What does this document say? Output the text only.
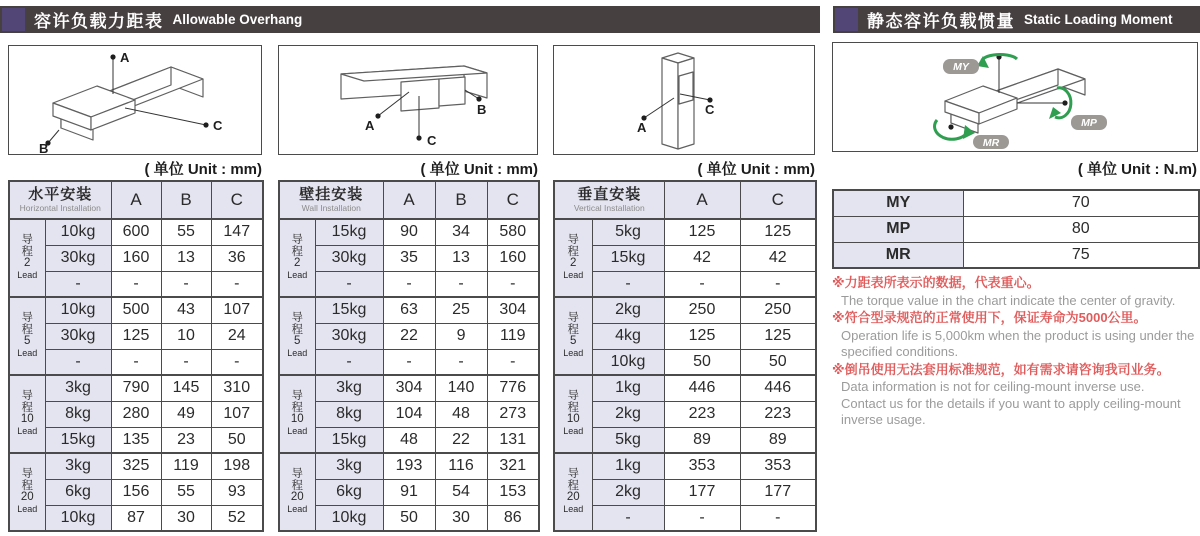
容许负载力距表 Allowable Overhang	静态容许负载惯量 Static Loading Moment
A
B
C	A
B
C
A
C
MY
MP
MR
( 单位 Unit : mm)	( 单位 Unit : mm)	( 单位 Unit : mm)	( 单位 Unit : N.m)
水平安装
Horizontal Installation		A	B	C

导
程
2
Lead	10kg	600	55	147
	30kg	160	13	36
	-	-	-	-

导
程
5
Lead	10kg	500	43	107
	30kg	125	10	24
	-	-	-	-

导
程
10
Lead	3kg	790	145	310
	8kg	280	49	107
	15kg	135	23	50

导
程
20
Lead	3kg	325	119	198
	6kg	156	55	93
	10kg	87	30	52
壁挂安装
Wall Installation		A	B	C

导
程
2
Lead	15kg	90	34	580
	30kg	35	13	160
	-	-	-	-

导
程
5
Lead	15kg	63	25	304
	30kg	22	9	119
	-	-	-	-

导
程
10
Lead	3kg	304	140	776
	8kg	104	48	273
	15kg	48	22	131

导
程
20
Lead	3kg	193	116	321
	6kg	91	54	153
	10kg	50	30	86
垂直安装
Vertical Installation		A	C

导
程
2
Lead	5kg	125	125
	15kg	42	42
	-	-	-

导
程
5
Lead	2kg	250	250
	4kg	125	125
	10kg	50	50

导
程
10
Lead	1kg	446	446
	2kg	223	223
	5kg	89	89

导
程
20
Lead	1kg	353	353
	2kg	177	177
	-	-	-
MY	70
MP	80
MR	75
※力距表所表示的数据，代表重心。
The torque value in the chart indicate the center of gravity.
※符合型录规范的正常使用下，保证寿命为5000公里。
Operation life is 5,000km when the product is using under the
specified conditions.
※倒吊使用无法套用标准规范，如有需求请咨询我司业务。
Data information is not for ceiling-mount inverse use.
Contact us for the details if you want to apply ceiling-mount
inverse usage.
